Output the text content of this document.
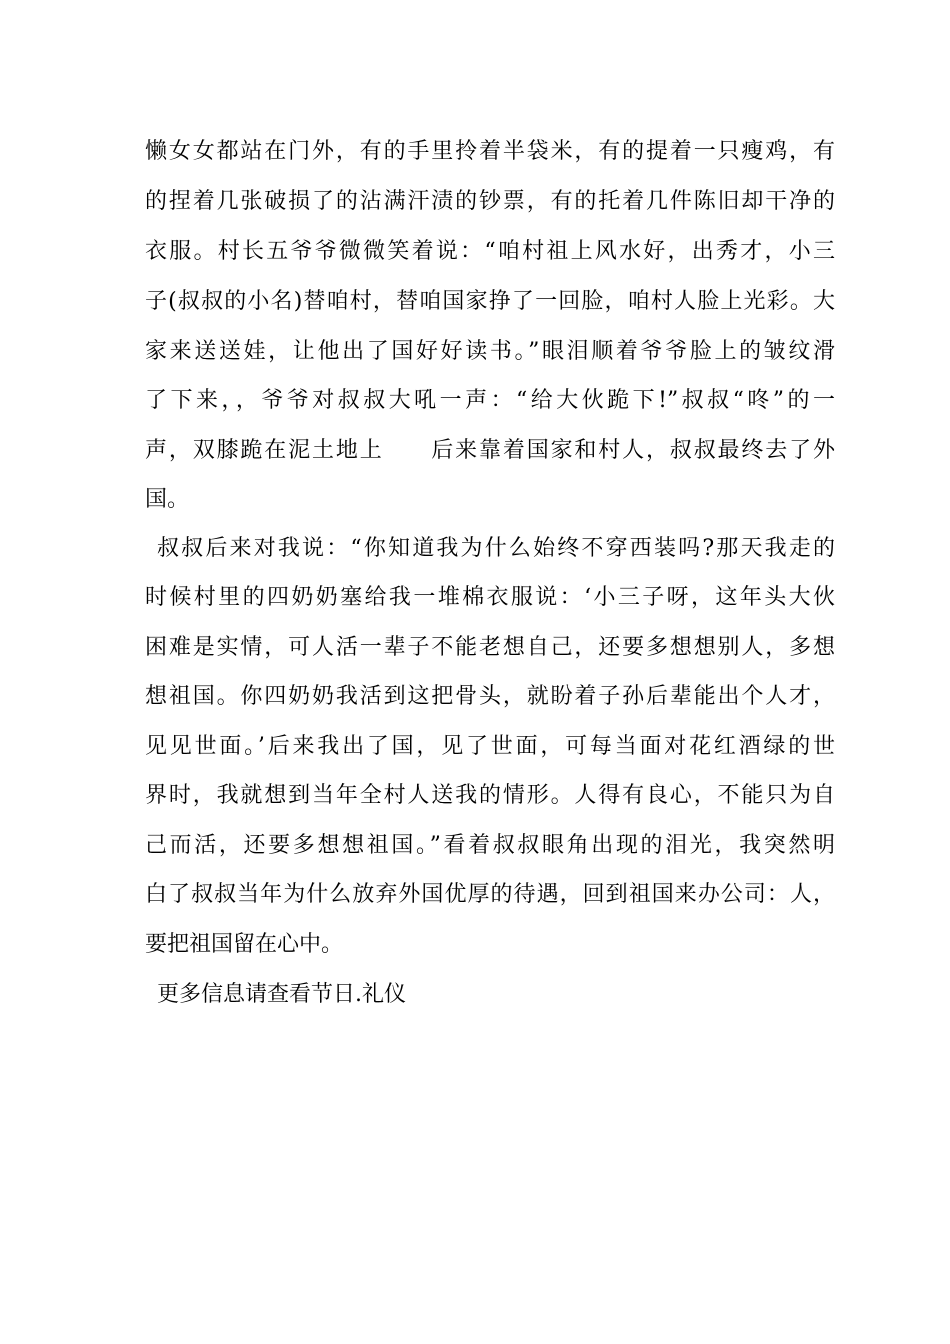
懒女女都站在门外，有的手里拎着半袋米，有的提着一只瘦鸡，有
的捏着几张破损了的沾满汗渍的钞票，有的托着几件陈旧却干净的
衣服。村长五爷爷微微笑着说：“咱村祖上风水好，出秀才，小三
子(叔叔的小名)替咱村，替咱国家挣了一回脸，咱村人脸上光彩。大
家来送送娃，让他出了国好好读书。”眼泪顺着爷爷脸上的皱纹滑
了下来，，爷爷对叔叔大吼一声：“给大伙跪下!”叔叔“咚”的一
声，双膝跪在泥土地上　　后来靠着国家和村人，叔叔最终去了外
国。
叔叔后来对我说：“你知道我为什么始终不穿西装吗?那天我走的
时候村里的四奶奶塞给我一堆棉衣服说：‘小三子呀，这年头大伙
困难是实情，可人活一辈子不能老想自己，还要多想想别人，多想
想祖国。你四奶奶我活到这把骨头，就盼着子孙后辈能出个人才，
见见世面。’后来我出了国，见了世面，可每当面对花红酒绿的世
界时，我就想到当年全村人送我的情形。人得有良心，不能只为自
己而活，还要多想想祖国。”看着叔叔眼角出现的泪光，我突然明
白了叔叔当年为什么放弃外国优厚的待遇，回到祖国来办公司：人，
要把祖国留在心中。
更多信息请查看节日.礼仪
